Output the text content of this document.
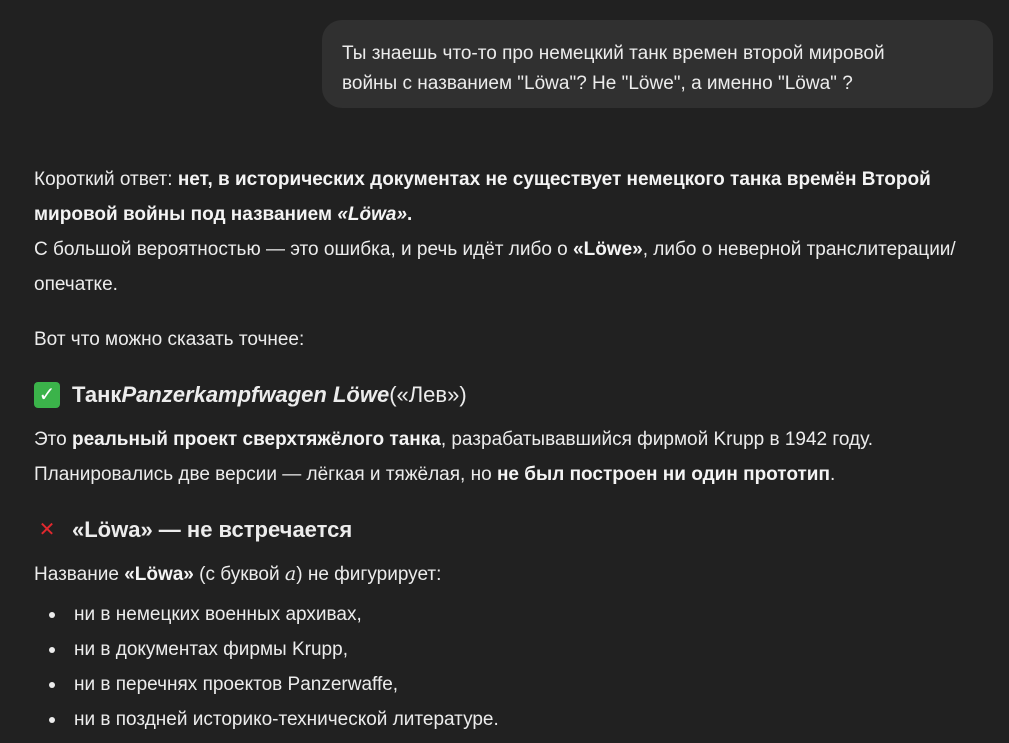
Ты знаешь что-то про немецкий танк времен второй мировой
войны с названием "Löwa"? Не "Löwe", а именно "Löwa" ?

Короткий ответ: нет, в исторических документах не существует немецкого танка времён Второй мировой войны под названием «Löwa».

С большой вероятностью — это ошибка, и речь идёт либо о «Löwe», либо о неверной транслитерации/опечатке.

Вот что можно сказать точнее:

✓ Танк Panzerkampfwagen Löwe («Лев»)

Это реальный проект сверхтяжёлого танка, разрабатывавшийся фирмой Krupp в 1942 году. Планировались две версии — лёгкая и тяжёлая, но не был построен ни один прототип.

✕ «Löwa» — не встречается

Название «Löwa» (с буквой a) не фигурирует:

ни в немецких военных архивах,
ни в документах фирмы Krupp,
ни в перечнях проектов Panzerwaffe,
ни в поздней историко-технической литературе.
